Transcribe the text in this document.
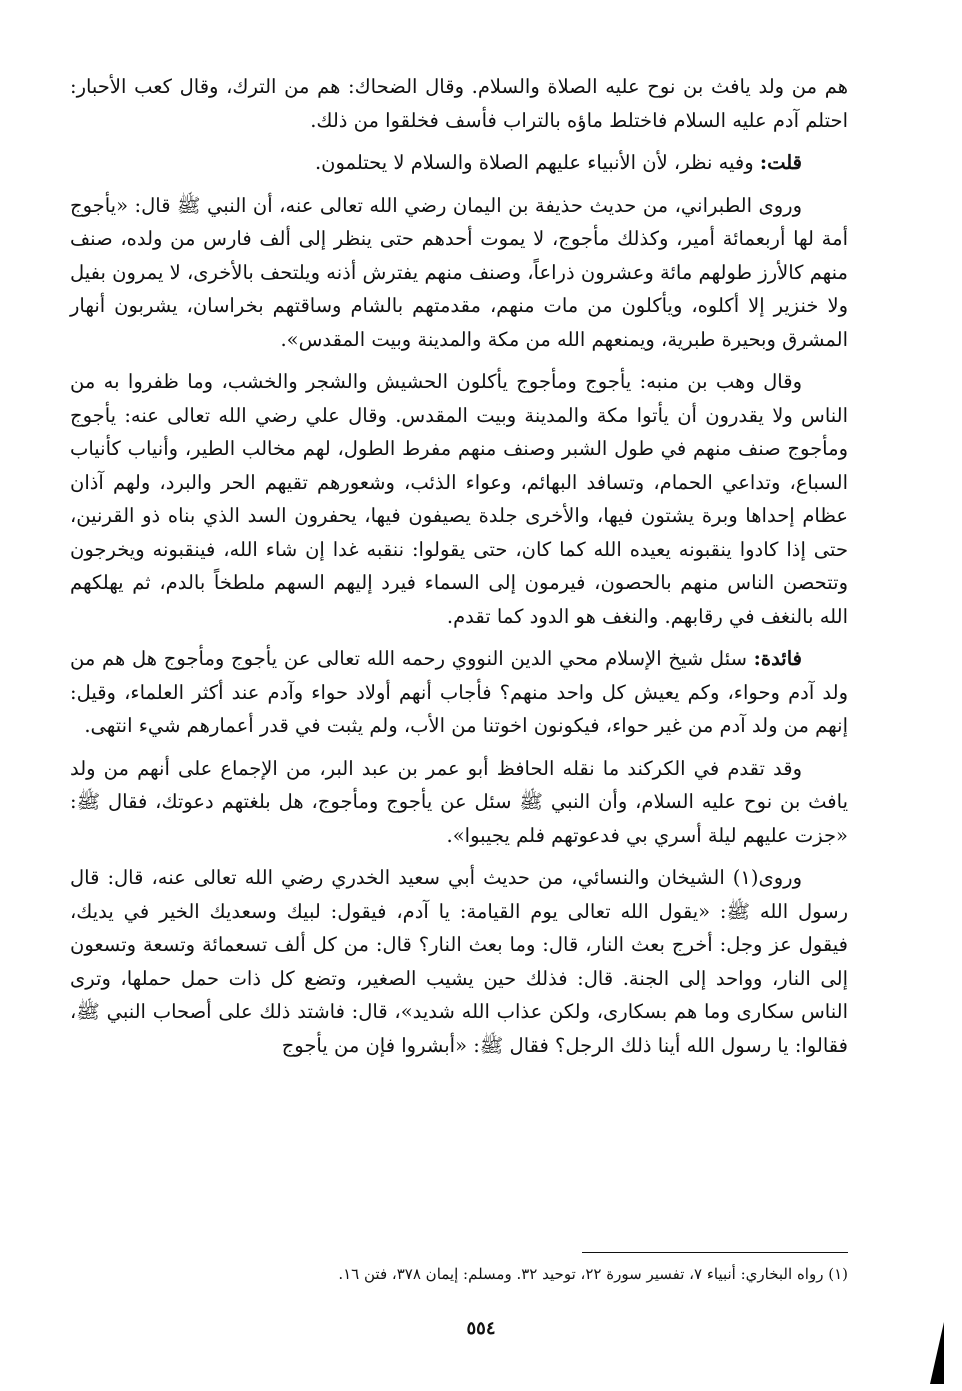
هم من ولد يافث بن نوح عليه الصلاة والسلام. وقال الضحاك: هم من الترك، وقال كعب الأحبار: احتلم آدم عليه السلام فاختلط ماؤه بالتراب فأسف فخلقوا من ذلك.

قلت: وفيه نظر، لأن الأنبياء عليهم الصلاة والسلام لا يحتلمون.

وروى الطبراني، من حديث حذيفة بن اليمان رضي الله تعالى عنه، أن النبي ﷺ قال: «يأجوج أمة لها أربعمائة أمير، وكذلك مأجوج، لا يموت أحدهم حتى ينظر إلى ألف فارس من ولده، صنف منهم كالأرز طولهم مائة وعشرون ذراعاً، وصنف منهم يفترش أذنه ويلتحف بالأخرى، لا يمرون بفيل ولا خنزير إلا أكلوه، ويأكلون من مات منهم، مقدمتهم بالشام وساقتهم بخراسان، يشربون أنهار المشرق وبحيرة طبرية، ويمنعهم الله من مكة والمدينة وبيت المقدس».

وقال وهب بن منبه: يأجوج ومأجوج يأكلون الحشيش والشجر والخشب، وما ظفروا به من الناس ولا يقدرون أن يأتوا مكة والمدينة وبيت المقدس. وقال علي رضي الله تعالى عنه: يأجوج ومأجوج صنف منهم في طول الشبر وصنف منهم مفرط الطول، لهم مخالب الطير، وأنياب كأنياب السباع، وتداعي الحمام، وتسافد البهائم، وعواء الذئب، وشعورهم تقيهم الحر والبرد، ولهم آذان عظام إحداها وبرة يشتون فيها، والأخرى جلدة يصيفون فيها، يحفرون السد الذي بناه ذو القرنين، حتى إذا كادوا ينقبونه يعيده الله كما كان، حتى يقولوا: ننقبه غدا إن شاء الله، فينقبونه ويخرجون وتتحصن الناس منهم بالحصون، فيرمون إلى السماء فيرد إليهم السهم ملطخاً بالدم، ثم يهلكهم الله بالنغف في رقابهم. والنغف هو الدود كما تقدم.

فائدة: سئل شيخ الإسلام محي الدين النووي رحمه الله تعالى عن يأجوج ومأجوج هل هم من ولد آدم وحواء، وكم يعيش كل واحد منهم؟ فأجاب أنهم أولاد حواء وآدم عند أكثر العلماء، وقيل: إنهم من ولد آدم من غير حواء، فيكونون اخوتنا من الأب، ولم يثبت في قدر أعمارهم شيء انتهى.

وقد تقدم في الكركند ما نقله الحافظ أبو عمر بن عبد البر، من الإجماع على أنهم من ولد يافث بن نوح عليه السلام، وأن النبي ﷺ سئل عن يأجوج ومأجوج، هل بلغتهم دعوتك، فقال ﷺ: «جزت عليهم ليلة أسري بي فدعوتهم فلم يجيبوا».

وروى(١) الشيخان والنسائي، من حديث أبي سعيد الخدري رضي الله تعالى عنه، قال: قال رسول الله ﷺ: «يقول الله تعالى يوم القيامة: يا آدم، فيقول: لبيك وسعديك الخير في يديك، فيقول عز وجل: أخرج بعث النار، قال: وما بعث النار؟ قال: من كل ألف تسعمائة وتسعة وتسعون إلى النار، وواحد إلى الجنة. قال: فذلك حين يشيب الصغير، وتضع كل ذات حمل حملها، وترى الناس سكارى وما هم بسكارى، ولكن عذاب الله شديد»، قال: فاشتد ذلك على أصحاب النبي ﷺ، فقالوا: يا رسول الله أينا ذلك الرجل؟ فقال ﷺ: «أبشروا فإن من يأجوج

(١) رواه البخاري: أنبياء ٧، تفسير سورة ٢٢، توحيد ٣٢. ومسلم: إيمان ٣٧٨، فتن ١٦.
٥٥٤
